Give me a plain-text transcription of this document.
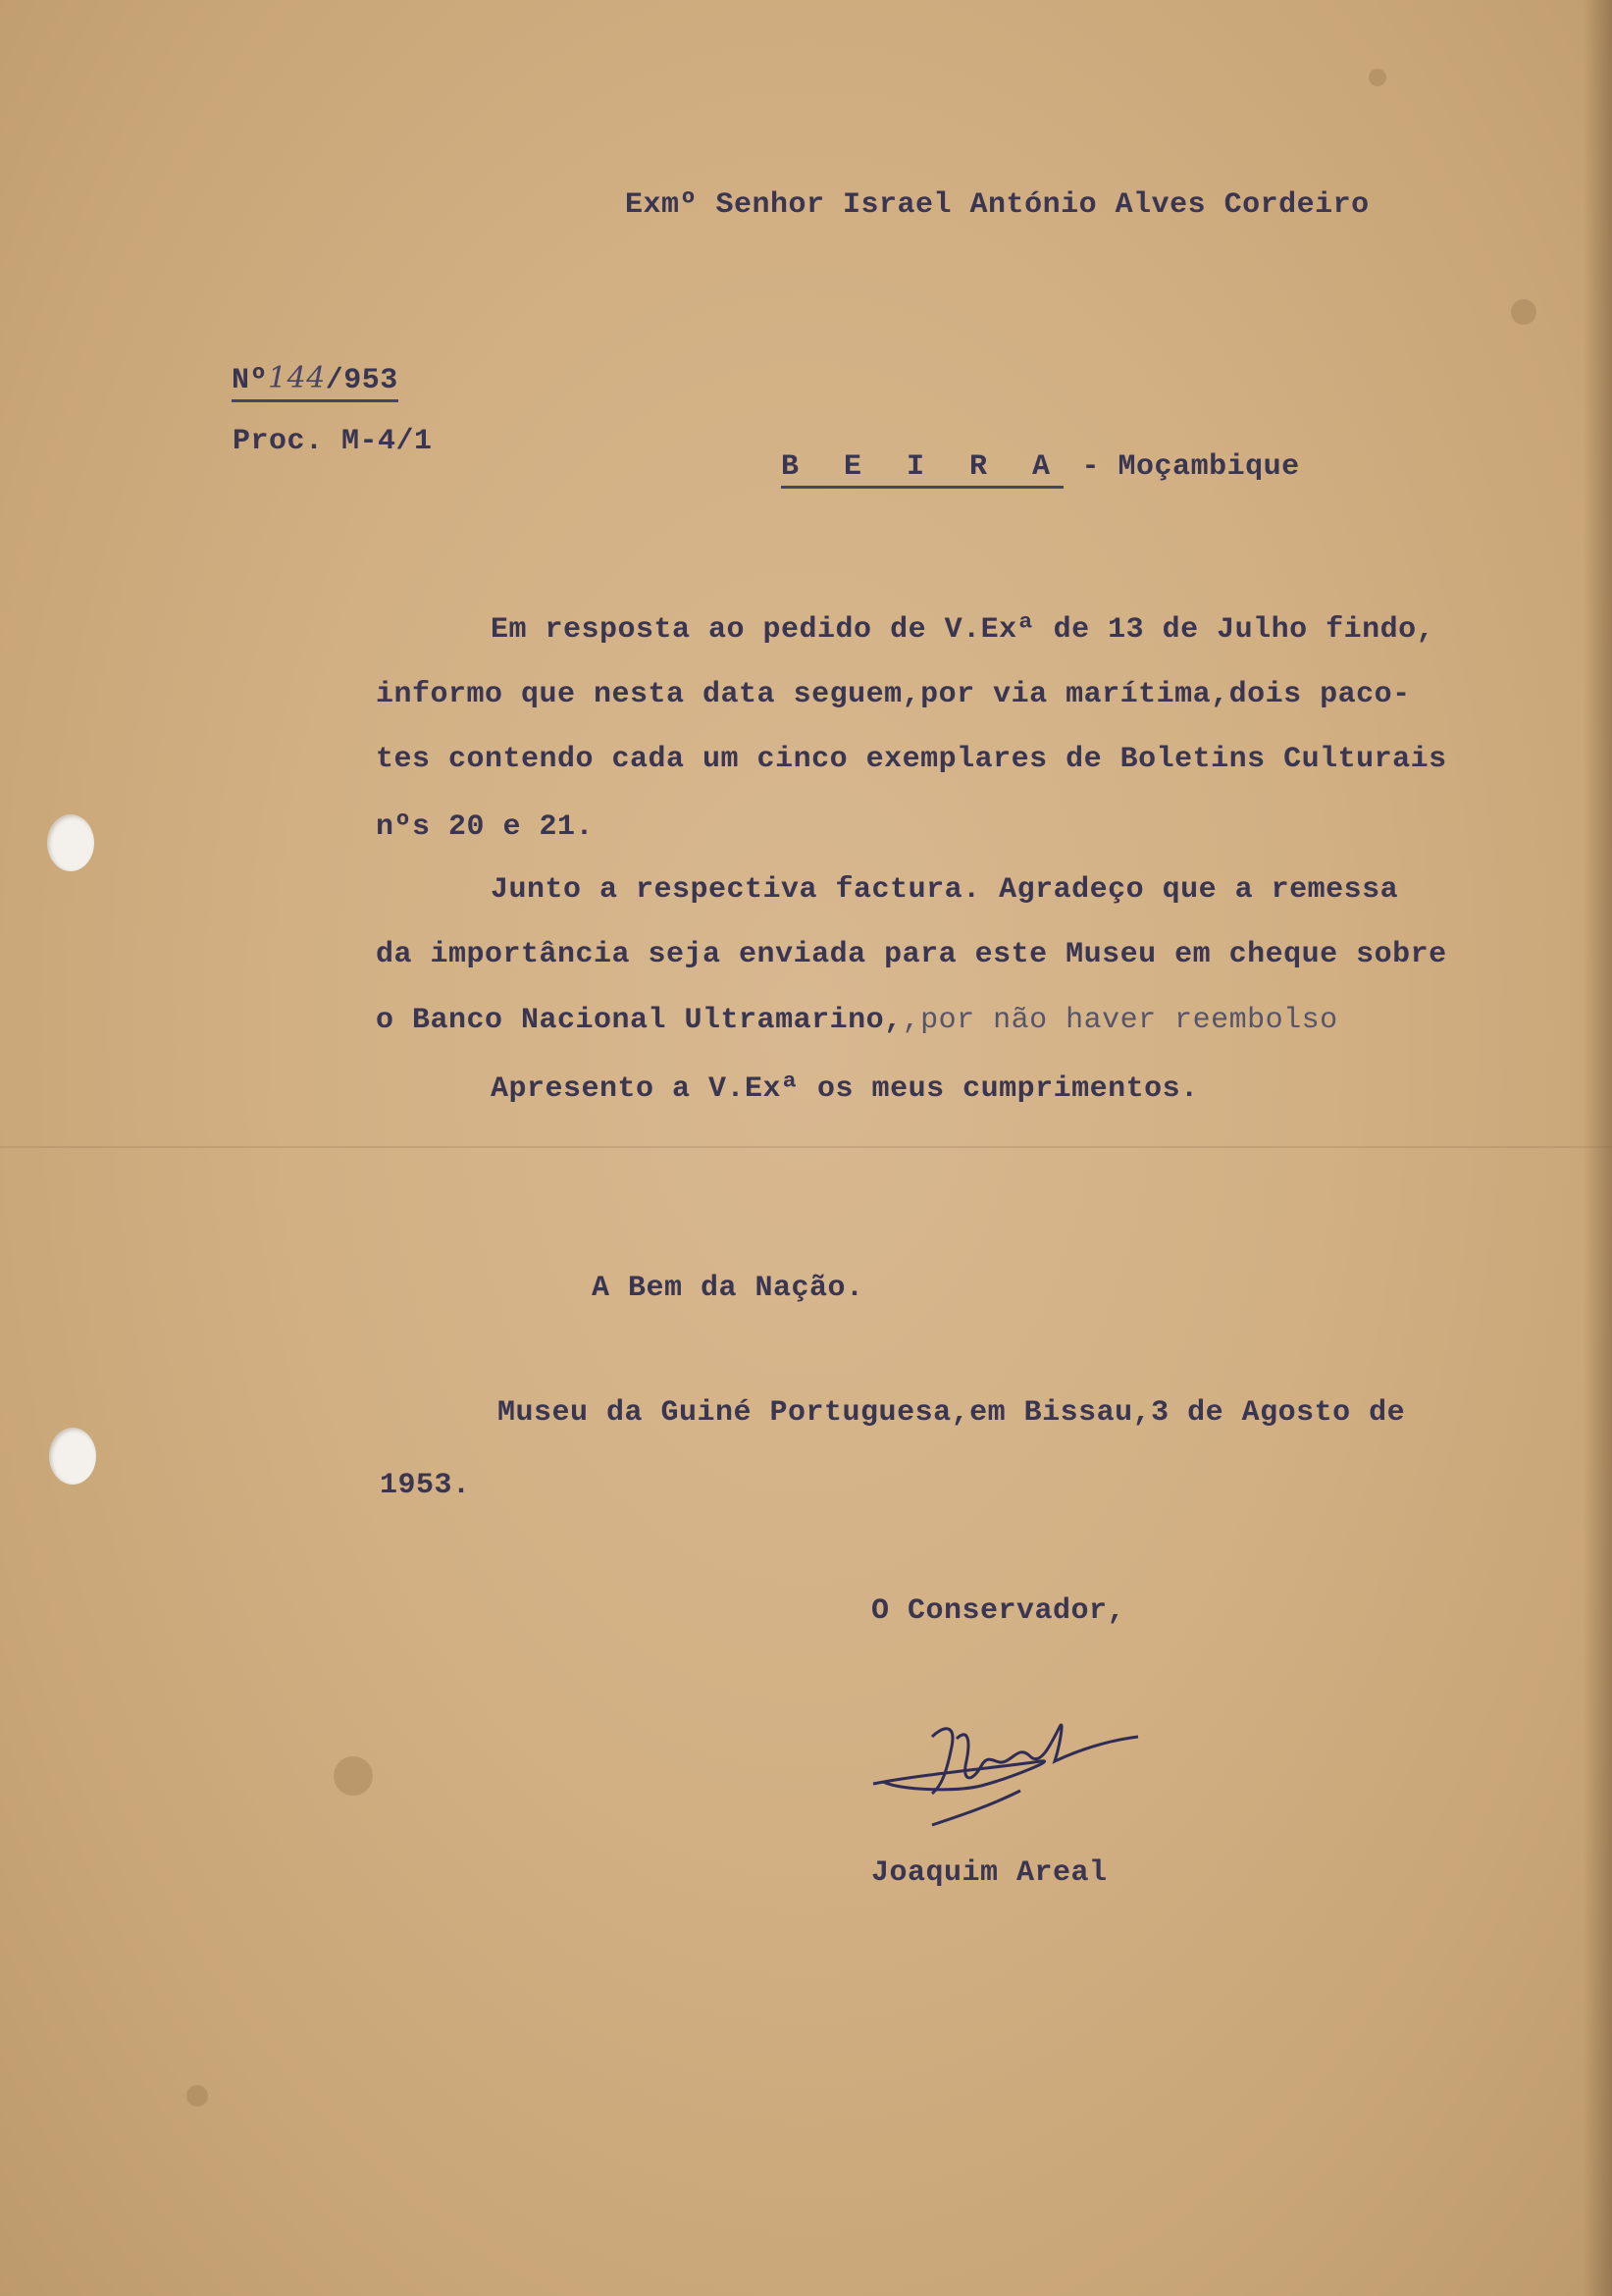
Exmº Senhor Israel António Alves Cordeiro
Nº144/953
Proc. M-4/1
B E I R A - Moçambique
Em resposta ao pedido de V.Exª de 13 de Julho findo,
informo que nesta data seguem,por via marítima,dois paco-
tes contendo cada um cinco exemplares de Boletins Culturais
nºs 20 e 21.
Junto a respectiva factura. Agradeço que a remessa
da importância seja enviada para este Museu em cheque sobre
o Banco Nacional Ultramarino,,por não haver reembolso
Apresento a V.Exª os meus cumprimentos.
A Bem da Nação.
Museu da Guiné Portuguesa,em Bissau,3 de Agosto de
1953.
O Conservador,
Joaquim Areal
